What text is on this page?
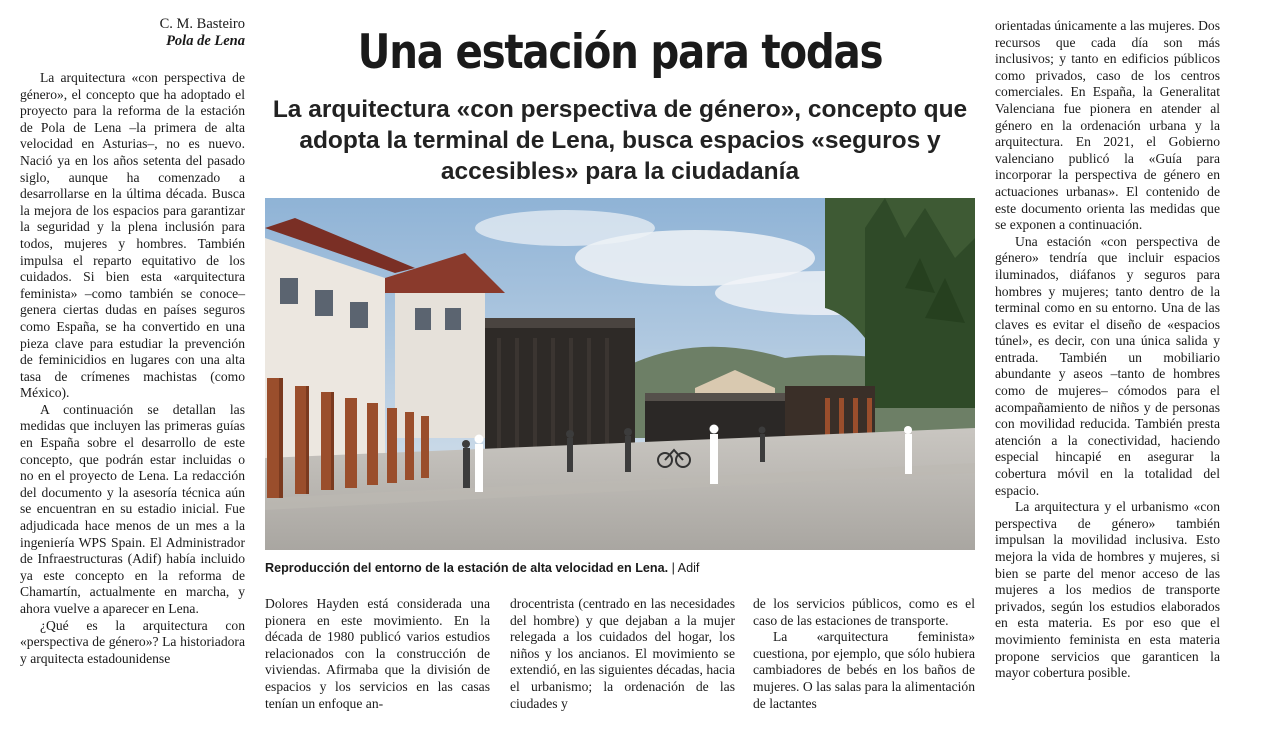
C. M. Basteiro
Pola de Lena	Una estación para todas
La arquitectura «con perspectiva de género», concepto que adopta la terminal de Lena, busca espacios «seguros y accesibles» para la ciudadanía

La arquitectura «con perspectiva de género», el concepto que ha adoptado el proyecto para la reforma de la estación de Pola de Lena –la primera de alta velocidad en Asturias–, no es nuevo. Nació ya en los años setenta del pasado siglo, aunque ha comenzado a desarrollarse en la última década. Busca la mejora de los espacios para garantizar la seguridad y la plena inclusión para todos, mujeres y hombres. También impulsa el reparto equitativo de los cuidados. Si bien esta «arquitectura feminista» –como también se conoce– genera ciertas dudas en países seguros como España, se ha convertido en una pieza clave para estudiar la prevención de feminicidios en lugares con una alta tasa de crímenes machistas (como México).

A continuación se detallan las medidas que incluyen las primeras guías en España sobre el desarrollo de este concepto, que podrán estar incluidas o no en el proyecto de Lena. La redacción del documento y la asesoría técnica aún se encuentran en su estadio inicial. Fue adjudicada hace menos de un mes a la ingeniería WPS Spain. El Administrador de Infraestructuras (Adif) había incluido ya este concepto en la reforma de Chamartín, actualmente en marcha, y ahora vuelve a aparecer en Lena.

¿Qué es la arquitectura con «perspectiva de género»? La historiadora y arquitecta estadounidense

Reproducción del entorno de la estación de alta velocidad en Lena. | Adif

Dolores Hayden está considerada una pionera en este movimiento. En la década de 1980 publicó varios estudios relacionados con la construcción de viviendas. Afirmaba que la división de espacios y los servicios en las casas tenían un enfoque an-

drocentrista (centrado en las necesidades del hombre) y que dejaban a la mujer relegada a los cuidados del hogar, los niños y los ancianos. El movimiento se extendió, en las siguientes décadas, hacia el urbanismo; la ordenación de las ciudades y

de los servicios públicos, como es el caso de las estaciones de transporte.

La «arquitectura feminista» cuestiona, por ejemplo, que sólo hubiera cambiadores de bebés en los baños de mujeres. O las salas para la alimentación de lactantes

orientadas únicamente a las mujeres. Dos recursos que cada día son más inclusivos; y tanto en edificios públicos como privados, caso de los centros comerciales. En España, la Generalitat Valenciana fue pionera en atender al género en la ordenación urbana y la arquitectura. En 2021, el Gobierno valenciano publicó la «Guía para incorporar la perspectiva de género en actuaciones urbanas». El contenido de este documento orienta las medidas que se exponen a continuación.

Una estación «con perspectiva de género» tendría que incluir espacios iluminados, diáfanos y seguros para hombres y mujeres; tanto dentro de la terminal como en su entorno. Una de las claves es evitar el diseño de «espacios túnel», es decir, con una única salida y entrada. También un mobiliario abundante y aseos –tanto de hombres como de mujeres– cómodos para el acompañamiento de niños y de personas con movilidad reducida. También presta atención a la conectividad, haciendo especial hincapié en asegurar la cobertura móvil en la totalidad del espacio.

La arquitectura y el urbanismo «con perspectiva de género» también impulsan la movilidad inclusiva. Esto mejora la vida de hombres y mujeres, si bien se parte del menor acceso de las mujeres a los medios de transporte privados, según los estudios elaborados en esta materia. Es por eso que el movimiento feminista en esta materia propone servicios que garanticen la mayor cobertura posible.
